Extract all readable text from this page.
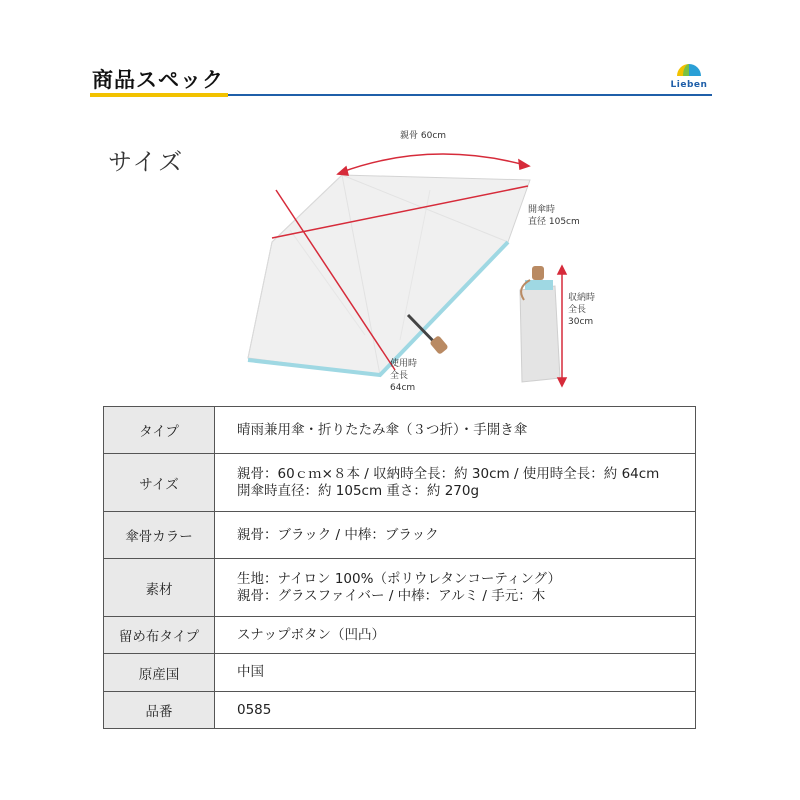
商品スペック	Lieben
サイズ
親骨 60cm
開傘時
直径 105cm
使用時
全長
64cm
収納時
全長
30cm
タイプ	晴雨兼用傘・折りたたみ傘（３つ折）・手開き傘

サイズ	親骨：60ｃｍ×８本 / 収納時全長：約 30cm / 使用時全長：約 64cm
開傘時直径：約 105cm 重さ：約 270g

傘骨カラー	親骨：ブラック / 中棒：ブラック

素材	生地：ナイロン 100%（ポリウレタンコーティング）
親骨：グラスファイバー / 中棒：アルミ / 手元：木

留め布タイプ	スナップボタン（凹凸）

原産国	中国

品番	0585
